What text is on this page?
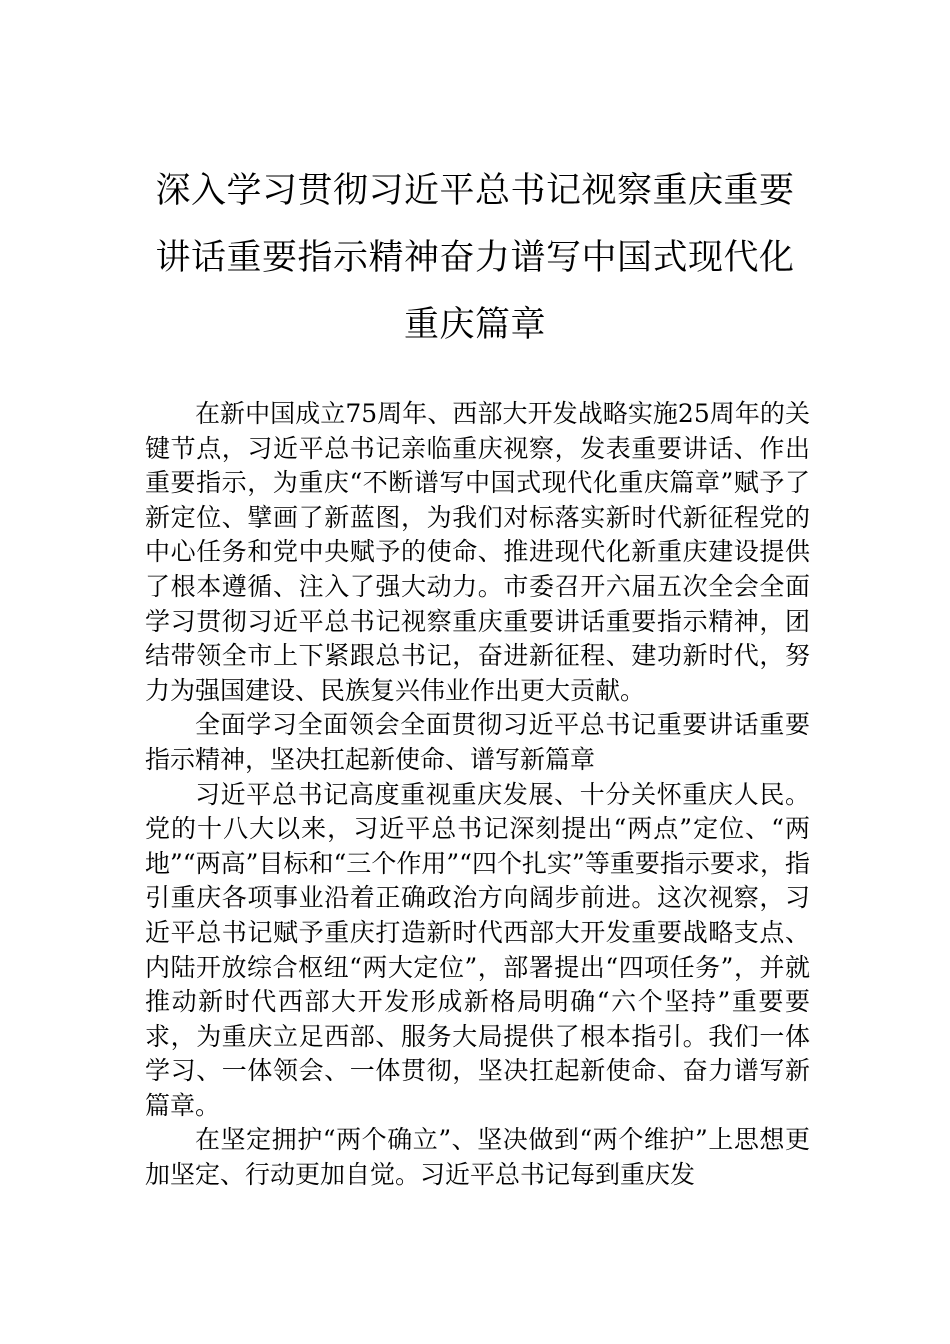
深入学习贯彻习近平总书记视察重庆重要
讲话重要指示精神奋力谱写中国式现代化
重庆篇章

在新中国成立75周年、西部大开发战略实施25周年的关键节点，习近平总书记亲临重庆视察，发表重要讲话、作出重要指示，为重庆“不断谱写中国式现代化重庆篇章”赋予了新定位、擘画了新蓝图，为我们对标落实新时代新征程党的中心任务和党中央赋予的使命、推进现代化新重庆建设提供了根本遵循、注入了强大动力。市委召开六届五次全会全面学习贯彻习近平总书记视察重庆重要讲话重要指示精神，团结带领全市上下紧跟总书记，奋进新征程、建功新时代，努力为强国建设、民族复兴伟业作出更大贡献。

全面学习全面领会全面贯彻习近平总书记重要讲话重要指示精神，坚决扛起新使命、谱写新篇章

习近平总书记高度重视重庆发展、十分关怀重庆人民。党的十八大以来，习近平总书记深刻提出“两点”定位、“两地”“两高”目标和“三个作用”“四个扎实”等重要指示要求，指引重庆各项事业沿着正确政治方向阔步前进。这次视察，习近平总书记赋予重庆打造新时代西部大开发重要战略支点、内陆开放综合枢纽“两大定位”，部署提出“四项任务”，并就推动新时代西部大开发形成新格局明确“六个坚持”重要要求，为重庆立足西部、服务大局提供了根本指引。我们一体学习、一体领会、一体贯彻，坚决扛起新使命、奋力谱写新篇章。

在坚定拥护“两个确立”、坚决做到“两个维护”上思想更加坚定、行动更加自觉。习近平总书记每到重庆发
